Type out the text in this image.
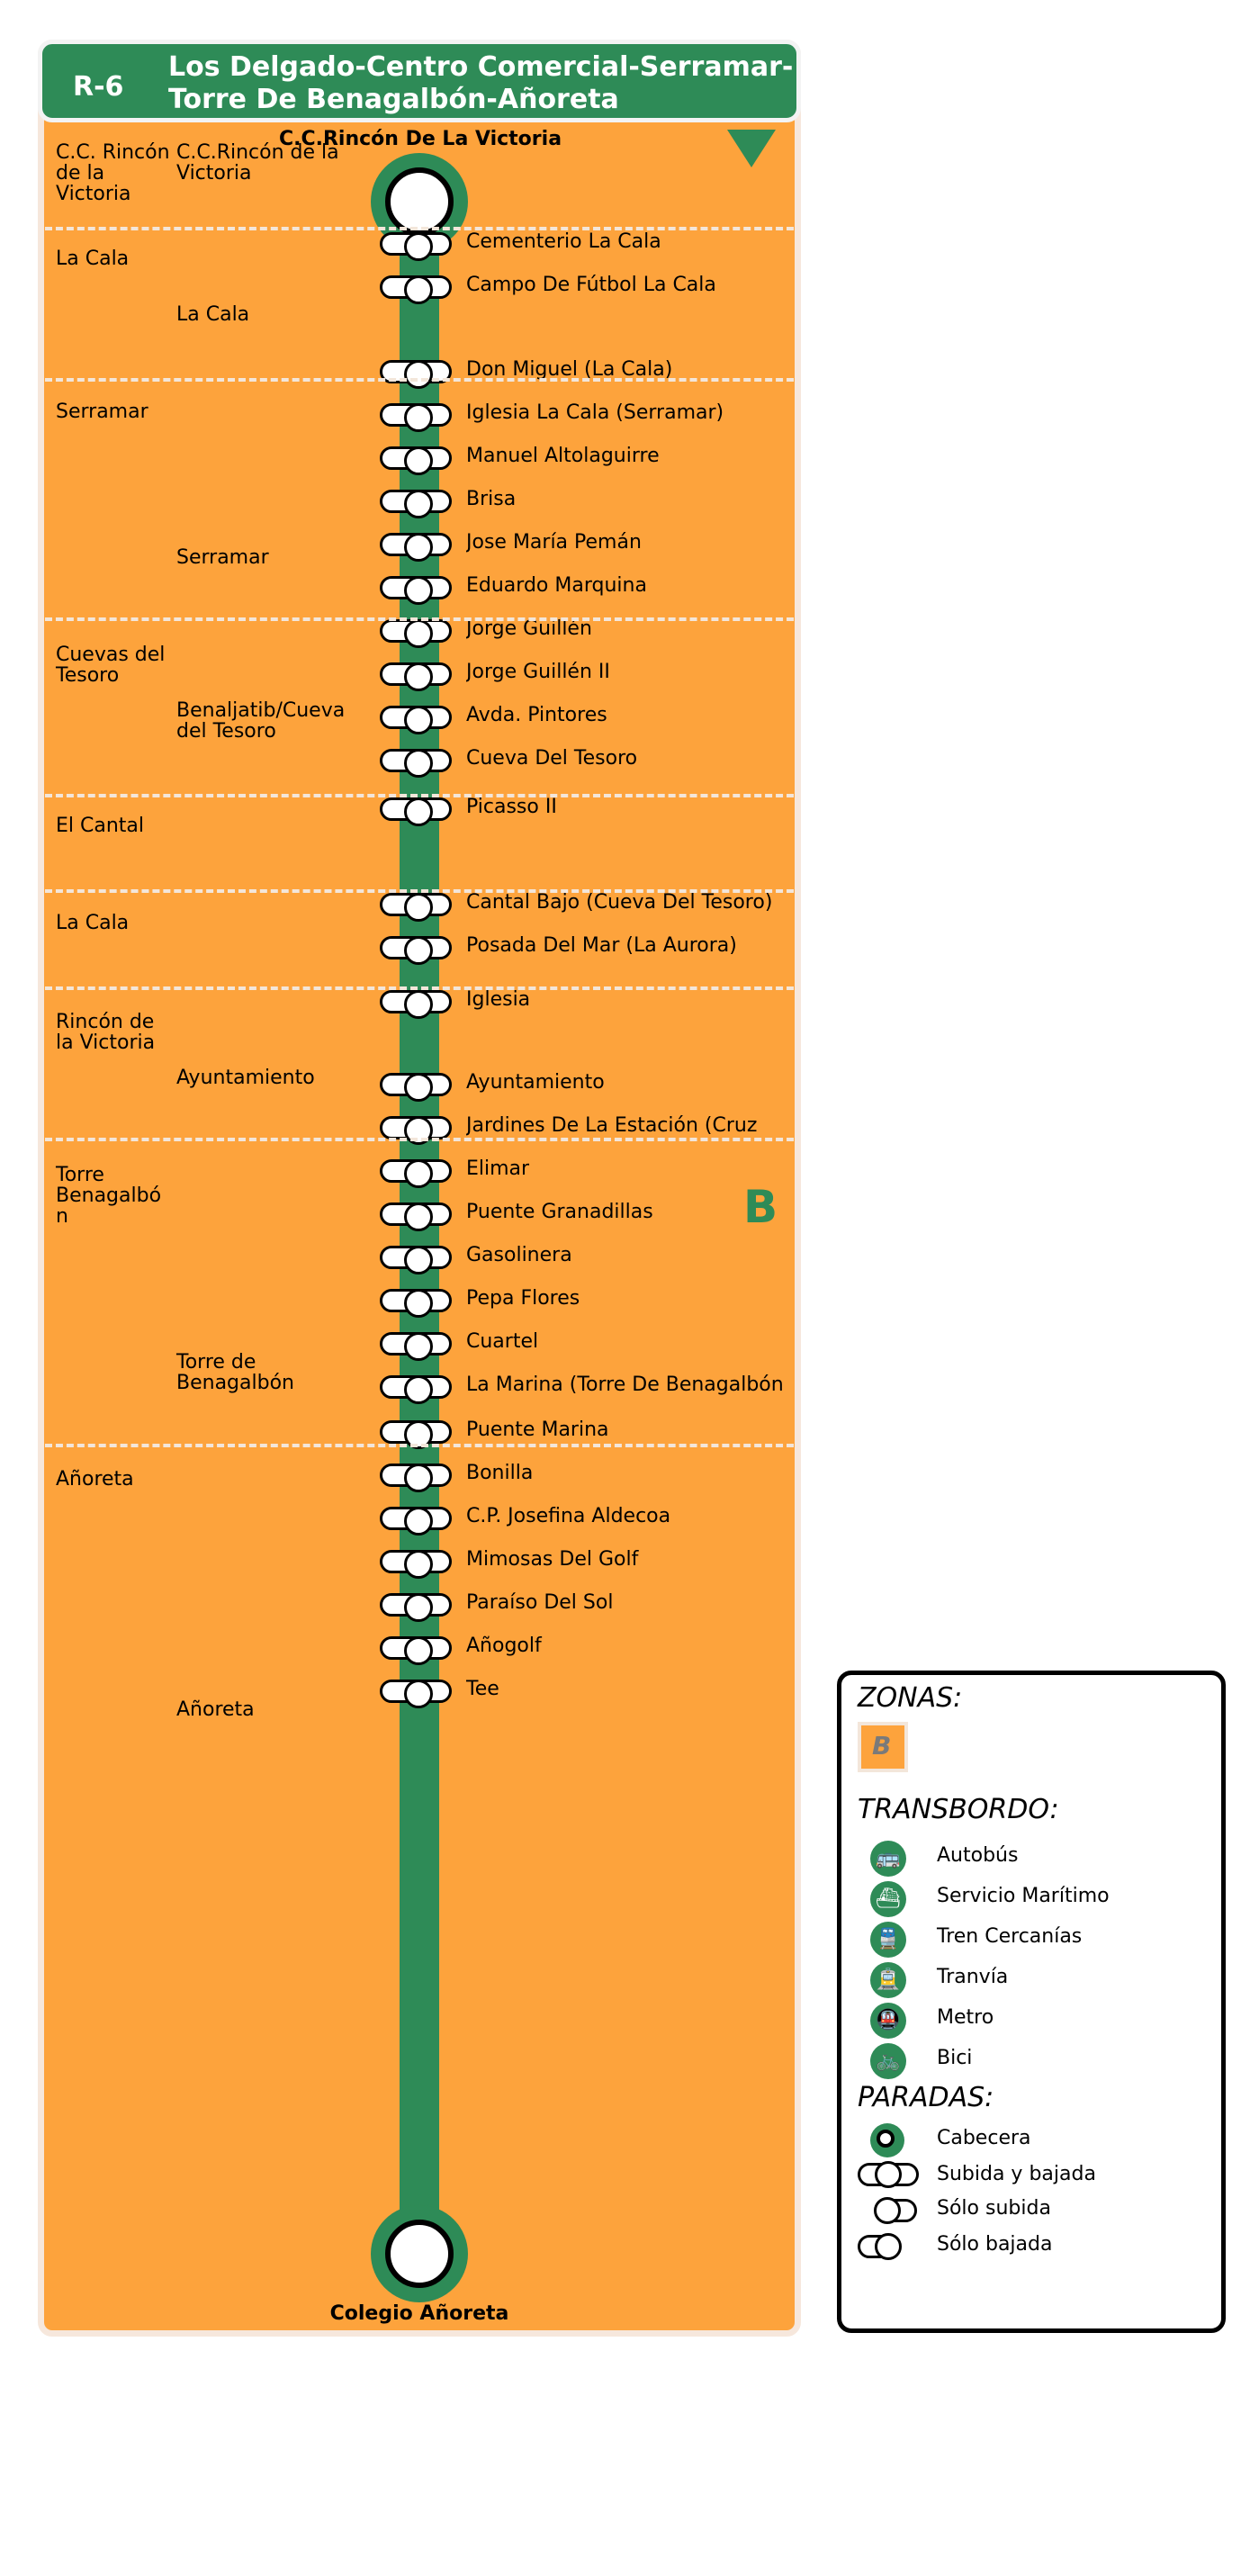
R-6
Los Delgado-Centro Comercial-Serramar-
Torre De Benagalbón-Añoreta
C.C.Rincón De La Victoria
Colegio Añoreta
Cementerio La Cala
Campo De Fútbol La Cala
Don Miguel (La Cala)
Iglesia La Cala (Serramar)
Manuel Altolaguirre
Brisa
Jose María Pemán
Eduardo Marquina
Jorge Guillén
Jorge Guillén II
Avda. Pintores
Cueva Del Tesoro
Picasso II
Cantal Bajo (Cueva Del Tesoro)
Posada Del Mar (La Aurora)
Iglesia
Ayuntamiento
Jardines De La Estación (Cruz
Elimar
Puente Granadillas
Gasolinera
Pepa Flores
Cuartel
La Marina (Torre De Benagalbón
Puente Marina
Bonilla
C.P. Josefina Aldecoa
Mimosas Del Golf
Paraíso Del Sol
Añogolf
Tee
C.C. Rincón
de la
Victoria
La Cala
Serramar
Cuevas del
Tesoro
El Cantal
La Cala
Rincón de
la Victoria
Torre
Benagalbó
n
Añoreta
C.C.Rincón de la
Victoria
La Cala
Serramar
Benaljatib/Cueva
del Tesoro
Ayuntamiento
Torre de
Benagalbón
Añoreta
B
ZONAS:
B
TRANSBORDO:
🚌 Autobús
⛴ Servicio Marítimo
🚆 Tren Cercanías
🚊 Tranvía
🚇 Metro
🚲 Bici
PARADAS:
Cabecera
Subida y bajada
Sólo subida
Sólo bajada
